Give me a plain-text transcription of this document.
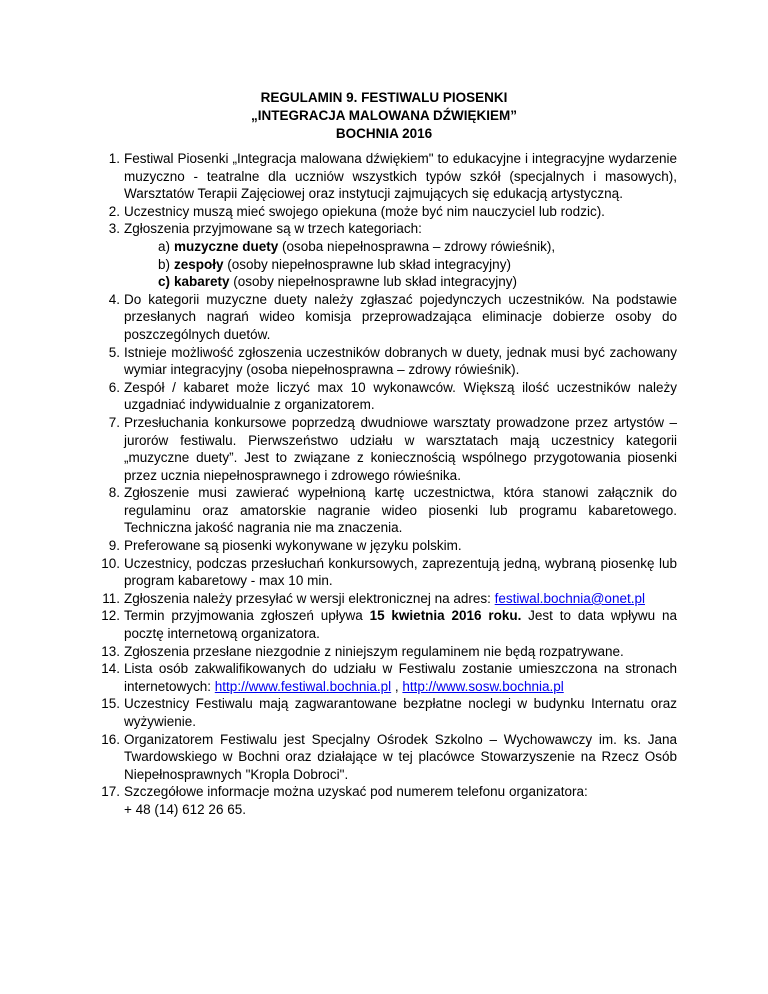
REGULAMIN 9. FESTIWALU PIOSENKI
„INTEGRACJA MALOWANA DŹWIĘKIEM”
BOCHNIA 2016
1. Festiwal Piosenki „Integracja malowana dźwiękiem" to edukacyjne i integracyjne wydarzenie muzyczno - teatralne dla uczniów wszystkich typów szkół (specjalnych i masowych), Warsztatów Terapii Zajęciowej oraz instytucji zajmujących się edukacją artystyczną.
2. Uczestnicy muszą mieć swojego opiekuna (może być nim nauczyciel lub rodzic).
3. Zgłoszenia przyjmowane są w trzech kategoriach:
a) muzyczne duety (osoba niepełnosprawna – zdrowy rówieśnik),
b) zespoły (osoby niepełnosprawne lub skład integracyjny)
c) kabarety (osoby niepełnosprawne lub skład integracyjny)
4. Do kategorii muzyczne duety należy zgłaszać pojedynczych uczestników. Na podstawie przesłanych nagrań wideo komisja przeprowadzająca eliminacje dobierze osoby do poszczególnych duetów.
5. Istnieje możliwość zgłoszenia uczestników dobranych w duety, jednak musi być zachowany wymiar integracyjny (osoba niepełnosprawna – zdrowy rówieśnik).
6. Zespół / kabaret może liczyć max 10 wykonawców. Większą ilość uczestników należy uzgadniać indywidualnie z organizatorem.
7. Przesłuchania konkursowe poprzedzą dwudniowe warsztaty prowadzone przez artystów – jurorów festiwalu. Pierwszeństwo udziału w warsztatach mają uczestnicy kategorii „muzyczne duety”. Jest to związane z koniecznością wspólnego przygotowania piosenki przez ucznia niepełnosprawnego i zdrowego rówieśnika.
8. Zgłoszenie musi zawierać wypełnioną kartę uczestnictwa, która stanowi załącznik do regulaminu oraz amatorskie nagranie wideo piosenki lub programu kabaretowego. Techniczna jakość nagrania nie ma znaczenia.
9. Preferowane są piosenki wykonywane w języku polskim.
10. Uczestnicy, podczas przesłuchań konkursowych, zaprezentują jedną, wybraną piosenkę lub program kabaretowy - max 10 min.
11. Zgłoszenia należy przesyłać w wersji elektronicznej na adres: festiwal.bochnia@onet.pl
12. Termin przyjmowania zgłoszeń upływa 15 kwietnia 2016 roku. Jest to data wpływu na pocztę internetową organizatora.
13. Zgłoszenia przesłane niezgodnie z niniejszym regulaminem nie będą rozpatrywane.
14. Lista osób zakwalifikowanych do udziału w Festiwalu zostanie umieszczona na stronach internetowych: http://www.festiwal.bochnia.pl , http://www.sosw.bochnia.pl
15. Uczestnicy Festiwalu mają zagwarantowane bezpłatne noclegi w budynku Internatu oraz wyżywienie.
16. Organizatorem Festiwalu jest Specjalny Ośrodek Szkolno – Wychowawczy im. ks. Jana Twardowskiego w Bochni oraz działające w tej placówce Stowarzyszenie na Rzecz Osób Niepełnosprawnych "Kropla Dobroci".
17. Szczegółowe informacje można uzyskać pod numerem telefonu organizatora:
+ 48 (14) 612 26 65.
